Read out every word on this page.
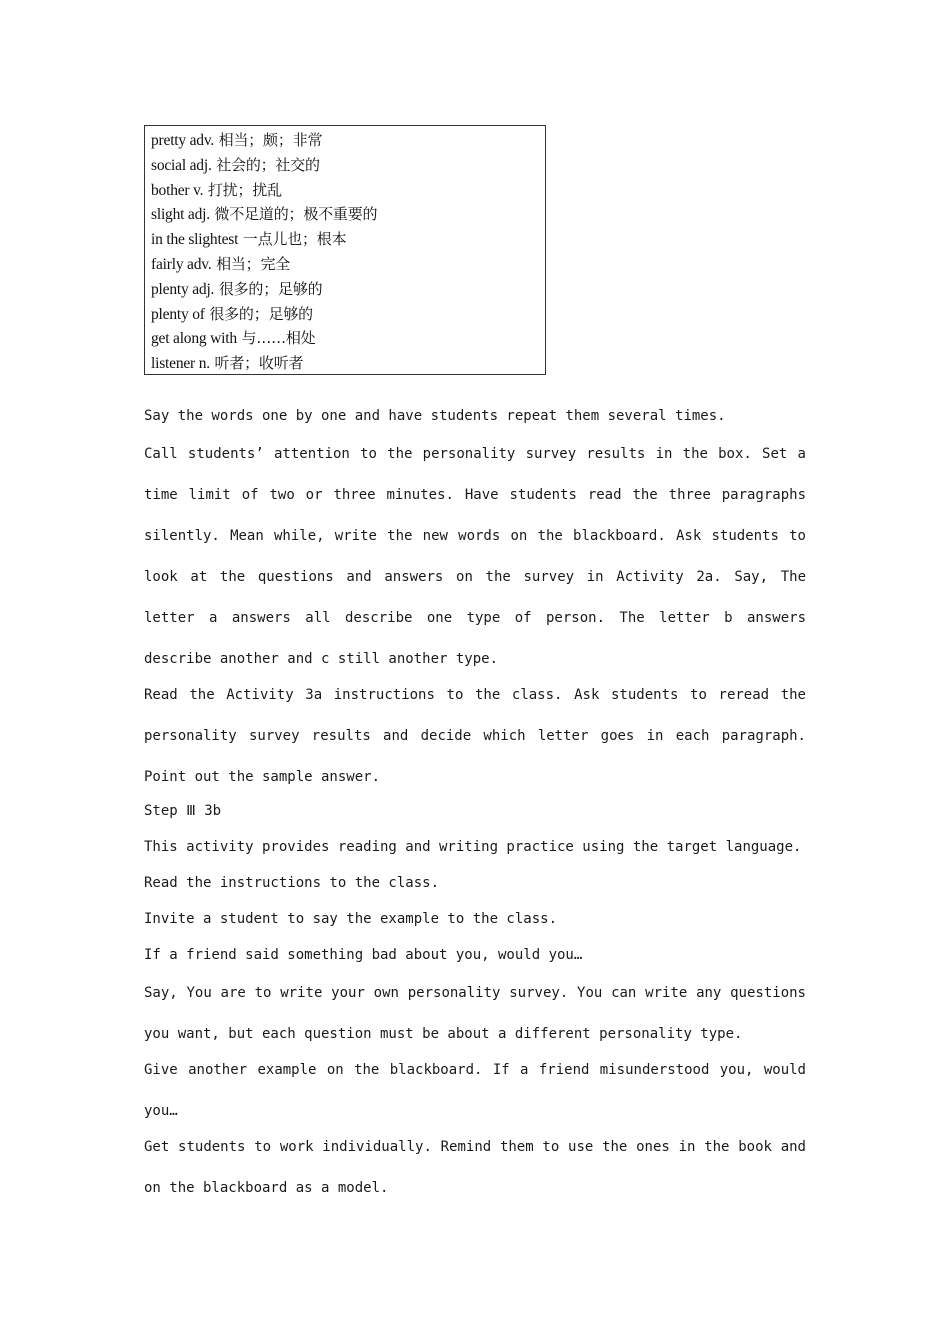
pretty adv. 相当；颇；非常
social adj. 社会的；社交的
bother v. 打扰；扰乱
slight adj. 微不足道的；极不重要的
in the slightest 一点儿也；根本
fairly adv. 相当；完全
plenty adj. 很多的；足够的
plenty of 很多的；足够的
get along with 与……相处
listener n. 听者；收听者

Say the words one by one and have students repeat them several times.

Call students’ attention to the personality survey results in the box. Set a time limit of two or three minutes. Have students read the three paragraphs silently. Mean while, write the new words on the blackboard. Ask students to look at the questions and answers on the survey in Activity 2a. Say, The letter a answers all describe one type of person. The letter b answers describe another and c still another type.

Read the Activity 3a instructions to the class. Ask students to reread the personality survey results and decide which letter goes in each paragraph. Point out the sample answer.

Step Ⅲ 3b

This activity provides reading and writing practice using the target language.

Read the instructions to the class.

Invite a student to say the example to the class.

If a friend said something bad about you, would you…

Say, You are to write your own personality survey. You can write any questions you want, but each question must be about a different personality type.

Give another example on the blackboard. If a friend misunderstood you, would you…

Get students to work individually. Remind them to use the ones in the book and on the blackboard as a model.
